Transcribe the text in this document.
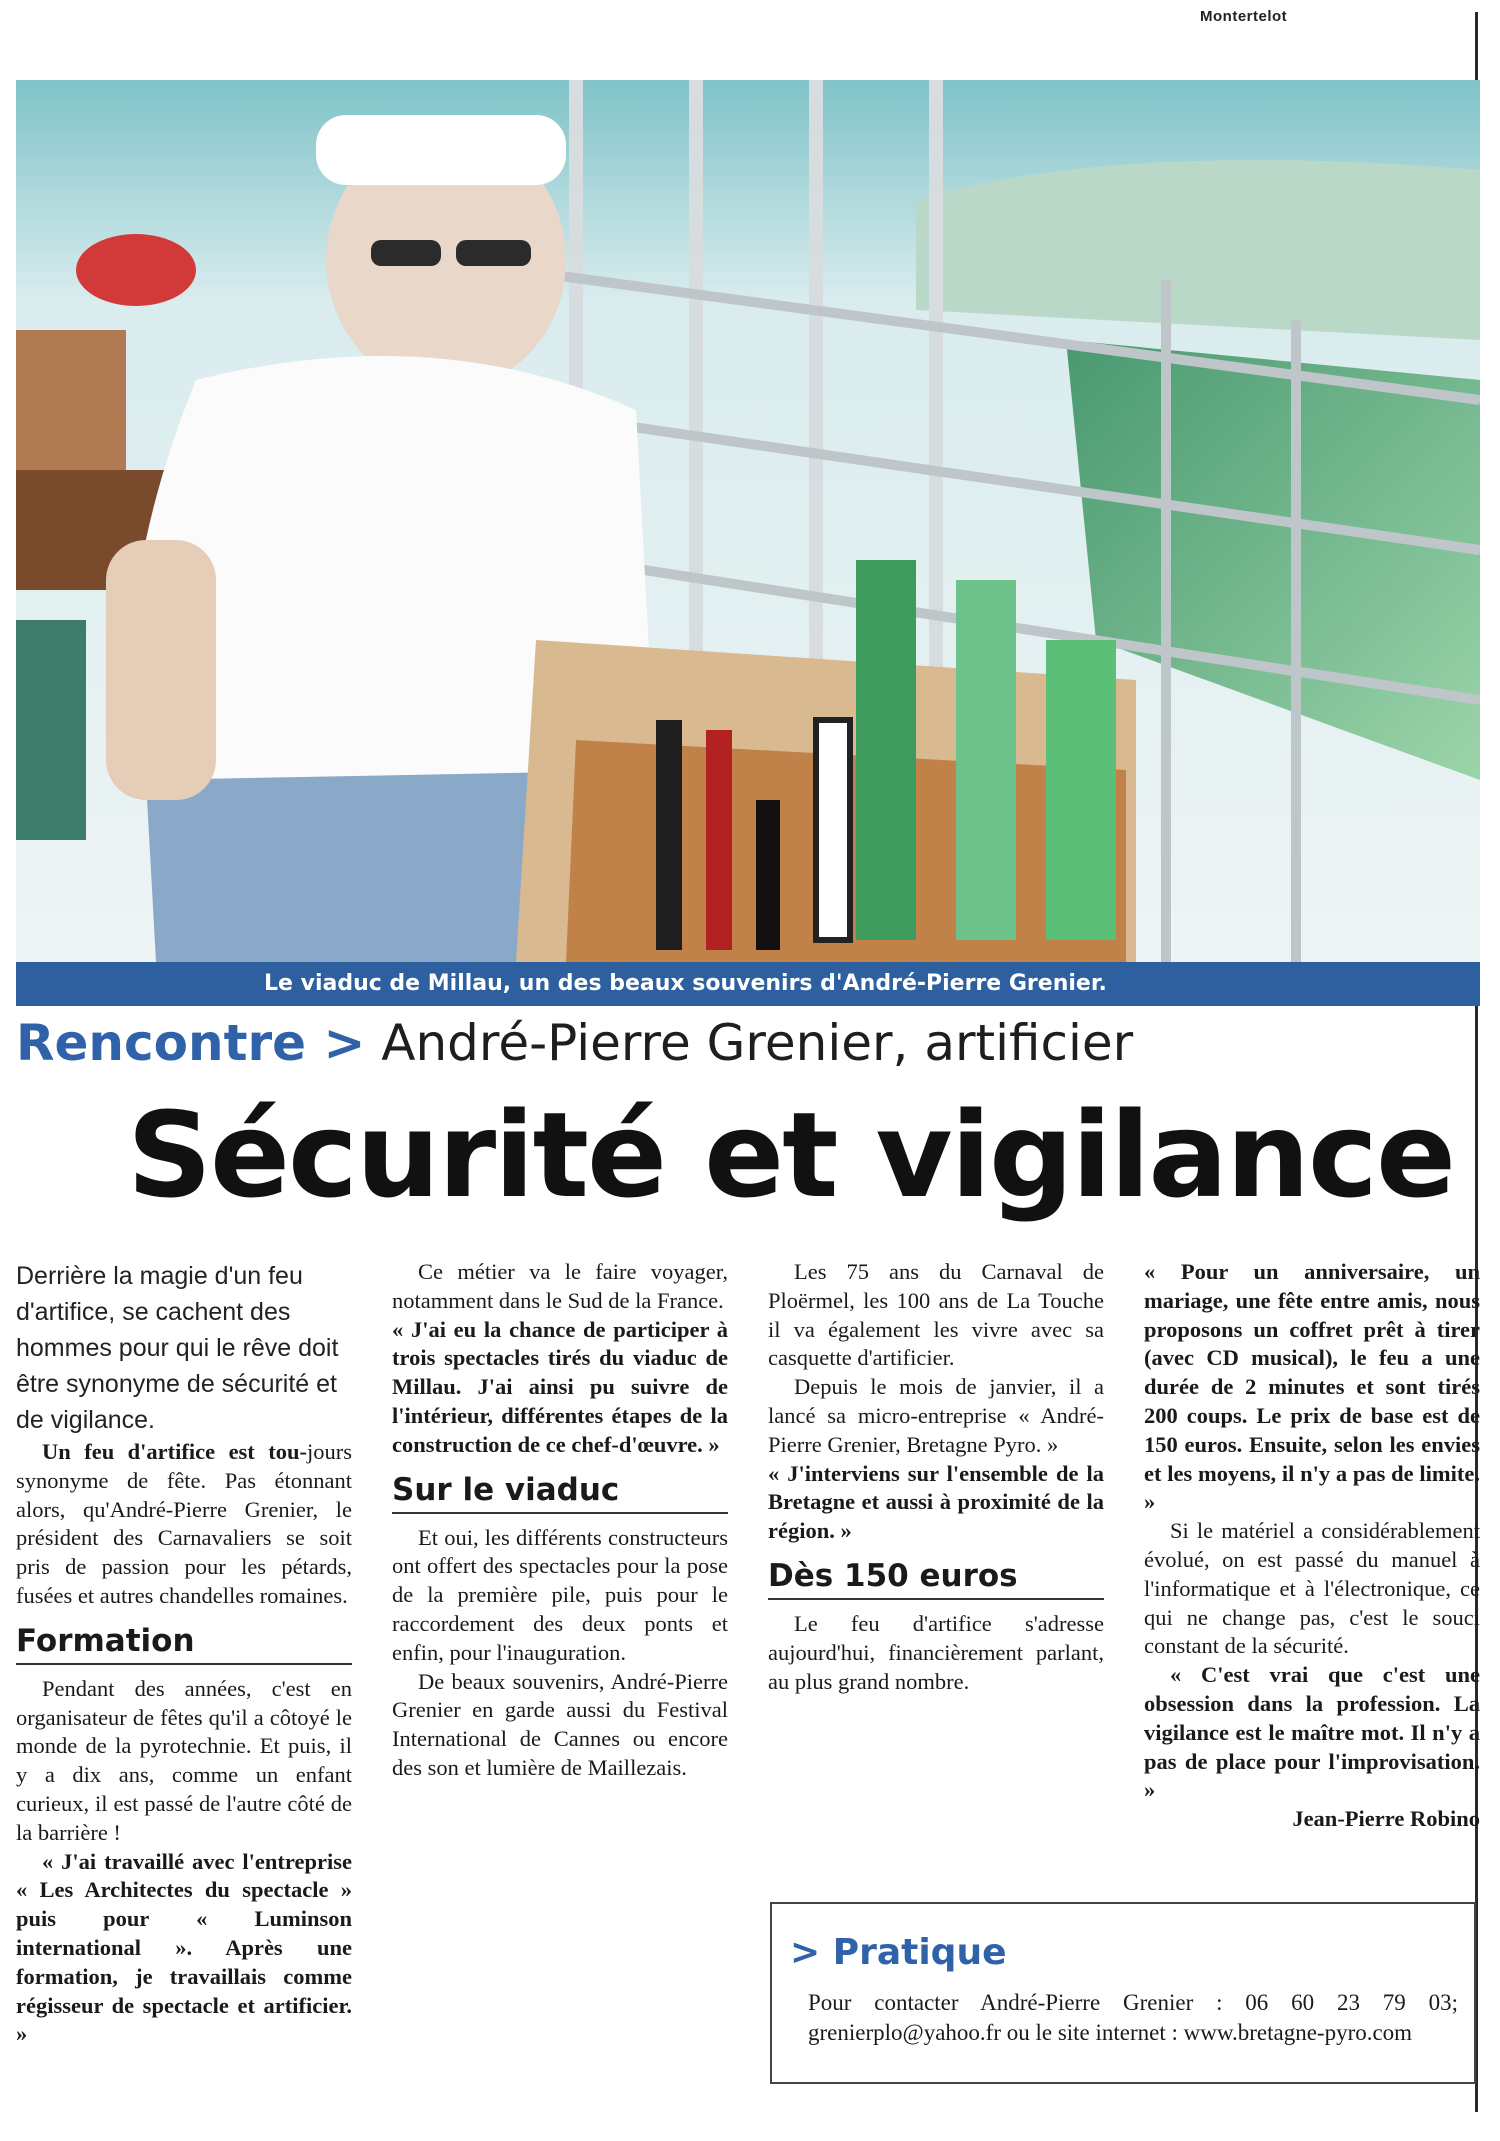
Montertelot
Le viaduc de Millau, un des beaux souvenirs d'André-Pierre Grenier.
Rencontre > André-Pierre Grenier, artificier
Sécurité et vigilance

Derrière la magie d'un feu d'artifice, se cachent des hommes pour qui le rêve doit être synonyme de sécurité et de vigilance.

Un feu d'artifice est tou-jours synonyme de fête. Pas étonnant alors, qu'André-Pierre Grenier, le président des Carnavaliers se soit pris de passion pour les pétards, fusées et autres chandelles romaines.

Formation

Pendant des années, c'est en organisateur de fêtes qu'il a côtoyé le monde de la pyrotechnie. Et puis, il y a dix ans, comme un enfant curieux, il est passé de l'autre côté de la barrière !

« J'ai travaillé avec l'entreprise « Les Architectes du spectacle » puis pour « Luminson international ». Après une formation, je travaillais comme régisseur de spectacle et artificier. »

Ce métier va le faire voyager, notamment dans le Sud de la France.

« J'ai eu la chance de participer à trois spectacles tirés du viaduc de Millau. J'ai ainsi pu suivre de l'intérieur, différentes étapes de la construction de ce chef-d'œuvre. »

Sur le viaduc

Et oui, les différents constructeurs ont offert des spectacles pour la pose de la première pile, puis pour le raccordement des deux ponts et enfin, pour l'inauguration.

De beaux souvenirs, André-Pierre Grenier en garde aussi du Festival International de Cannes ou encore des son et lumière de Maillezais.

Les 75 ans du Carnaval de Ploërmel, les 100 ans de La Touche il va également les vivre avec sa casquette d'artificier.

Depuis le mois de janvier, il a lancé sa micro-entreprise « André-Pierre Grenier, Bretagne Pyro. »

« J'interviens sur l'ensemble de la Bretagne et aussi à proximité de la région. »

Dès 150 euros

Le feu d'artifice s'adresse aujourd'hui, financièrement parlant, au plus grand nombre.

« Pour un anniversaire, un mariage, une fête entre amis, nous proposons un coffret prêt à tirer (avec CD musical), le feu a une durée de 2 minutes et sont tirés 200 coups. Le prix de base est de 150 euros. Ensuite, selon les envies et les moyens, il n'y a pas de limite. »

Si le matériel a considérablement évolué, on est passé du manuel à l'informatique et à l'électronique, ce qui ne change pas, c'est le souci constant de la sécurité.

« C'est vrai que c'est une obsession dans la profession. La vigilance est le maître mot. Il n'y a pas de place pour l'improvisation. »

Jean-Pierre Robino

> Pratique
Pour contacter André-Pierre Grenier : 06 60 23 79 03; grenierplo@yahoo.fr ou le site internet : www.bretagne-pyro.com
